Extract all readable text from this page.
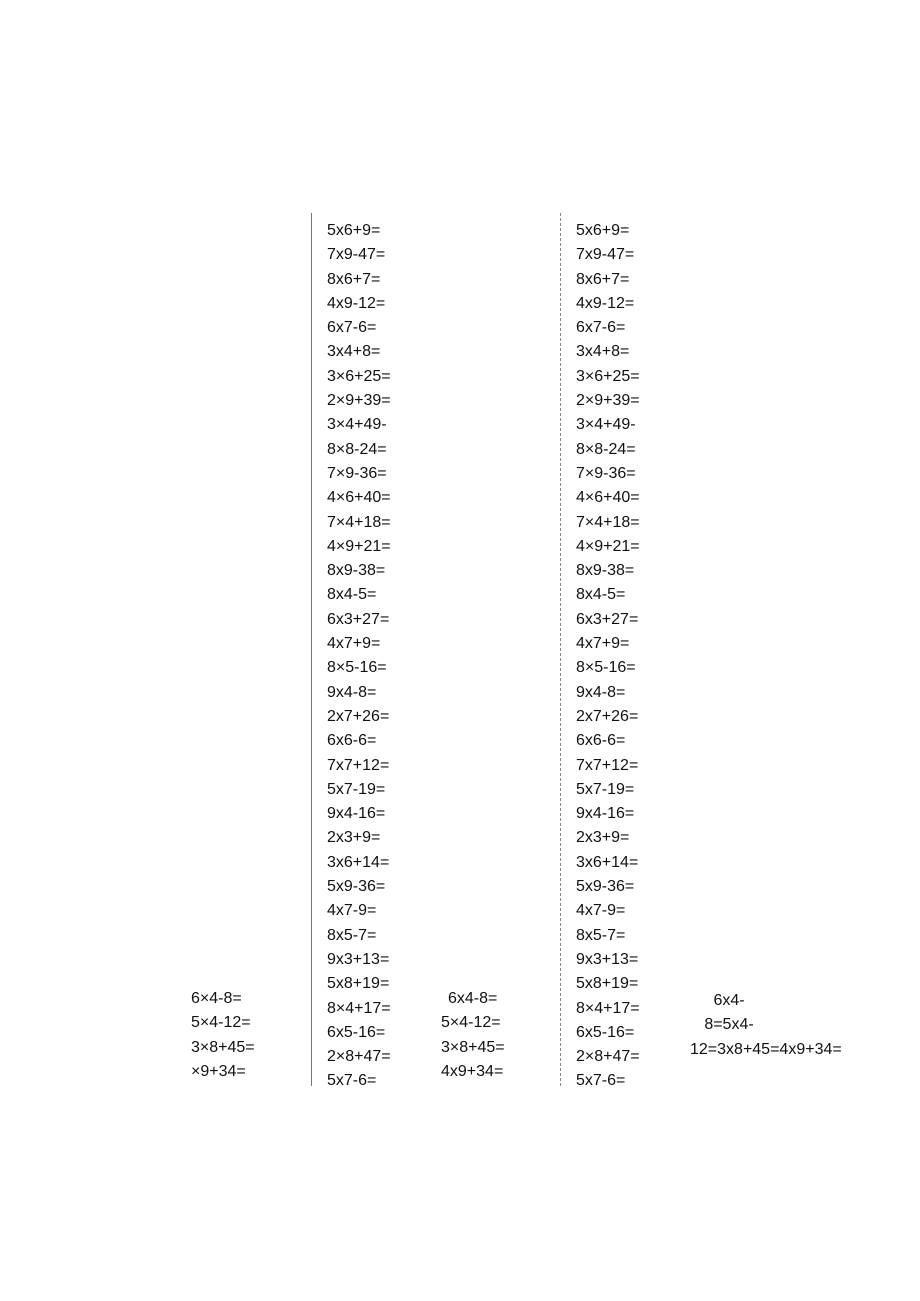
5x6+9=
7x9-47=
8x6+7=
4x9-12=
6x7-6=
3x4+8=
3×6+25=
2×9+39=
3×4+49-
8×8-24=
7×9-36=
4×6+40=
7×4+18=
4×9+21=
8x9-38=
8x4-5=
6x3+27=
4x7+9=
8×5-16=
9x4-8=
2x7+26=
6x6-6=
7x7+12=
5x7-19=
9x4-16=
2x3+9=
3x6+14=
5x9-36=
4x7-9=
8x5-7=
9x3+13=
5x8+19=
8×4+17=
6x5-16=
2×8+47=
5x7-6=
5x6+9=
7x9-47=
8x6+7=
4x9-12=
6x7-6=
3x4+8=
3×6+25=
2×9+39=
3×4+49-
8×8-24=
7×9-36=
4×6+40=
7×4+18=
4×9+21=
8x9-38=
8x4-5=
6x3+27=
4x7+9=
8×5-16=
9x4-8=
2x7+26=
6x6-6=
7x7+12=
5x7-19=
9x4-16=
2x3+9=
3x6+14=
5x9-36=
4x7-9=
8x5-7=
9x3+13=
5x8+19=
8×4+17=
6x5-16=
2×8+47=
5x7-6=
6×4-8=
5×4-12=
3×8+45=
×9+34=
6x4-8=
5×4-12=
3×8+45=
4x9+34=
6x4-8=5x4-12=3x8+45=4x9+34=
